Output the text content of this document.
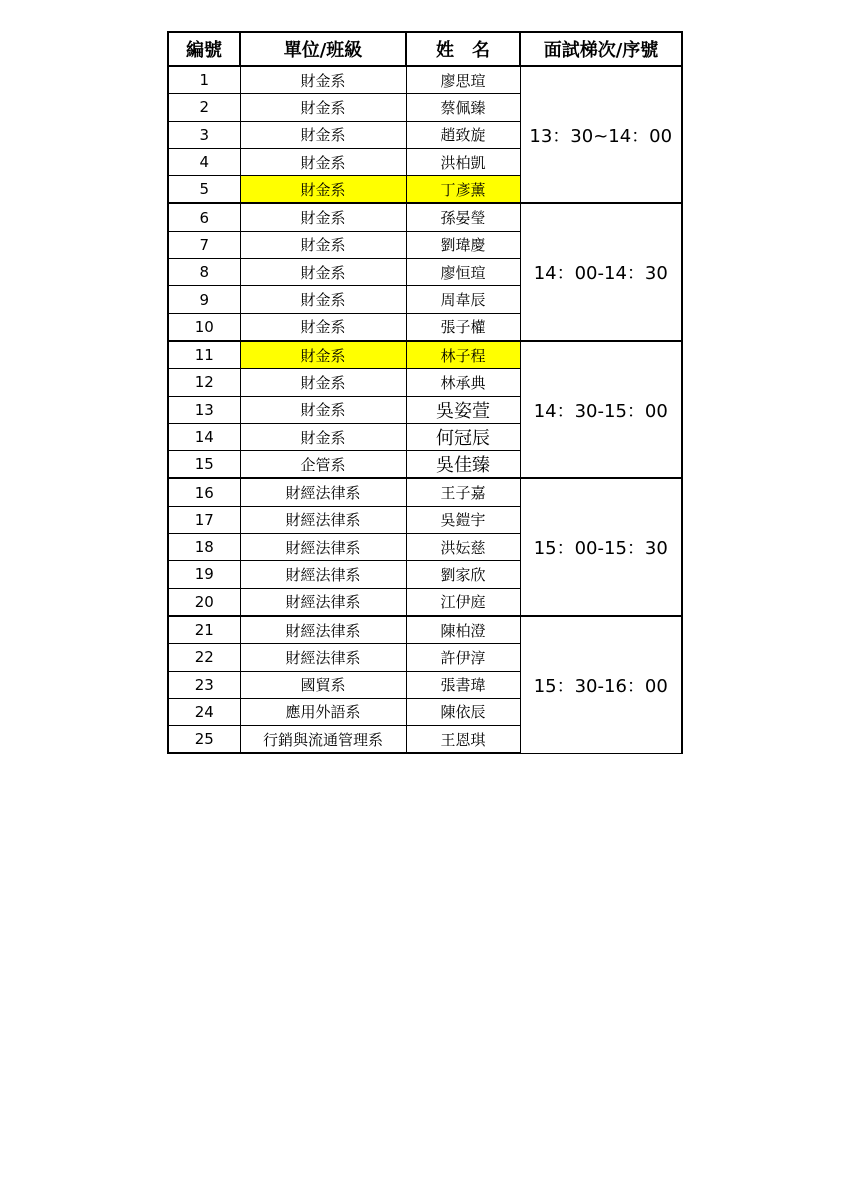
編號	單位/班級	姓　名	面試梯次/序號
1	財金系	廖思瑄	13：30~14：00
2	財金系	蔡佩臻	
3	財金系	趙致旋	
4	財金系	洪柏凱	
5	財金系	丁彥薰	
6	財金系	孫晏瑩	14：00-14：30
7	財金系	劉瑋慶	
8	財金系	廖恒瑄	
9	財金系	周韋辰	
10	財金系	張子權	
11	財金系	林子程	14：30-15：00
12	財金系	林承典	
13	財金系	吳姿萱	
14	財金系	何冠辰	
15	企管系	吳佳臻	
16	財經法律系	王子嘉	15：00-15：30
17	財經法律系	吳鎧宇	
18	財經法律系	洪妘慈	
19	財經法律系	劉家欣	
20	財經法律系	江伊庭	
21	財經法律系	陳柏澄	15：30-16：00
22	財經法律系	許伊淳	
23	國貿系	張書瑋	
24	應用外語系	陳依辰	
25	行銷與流通管理系	王恩琪	
